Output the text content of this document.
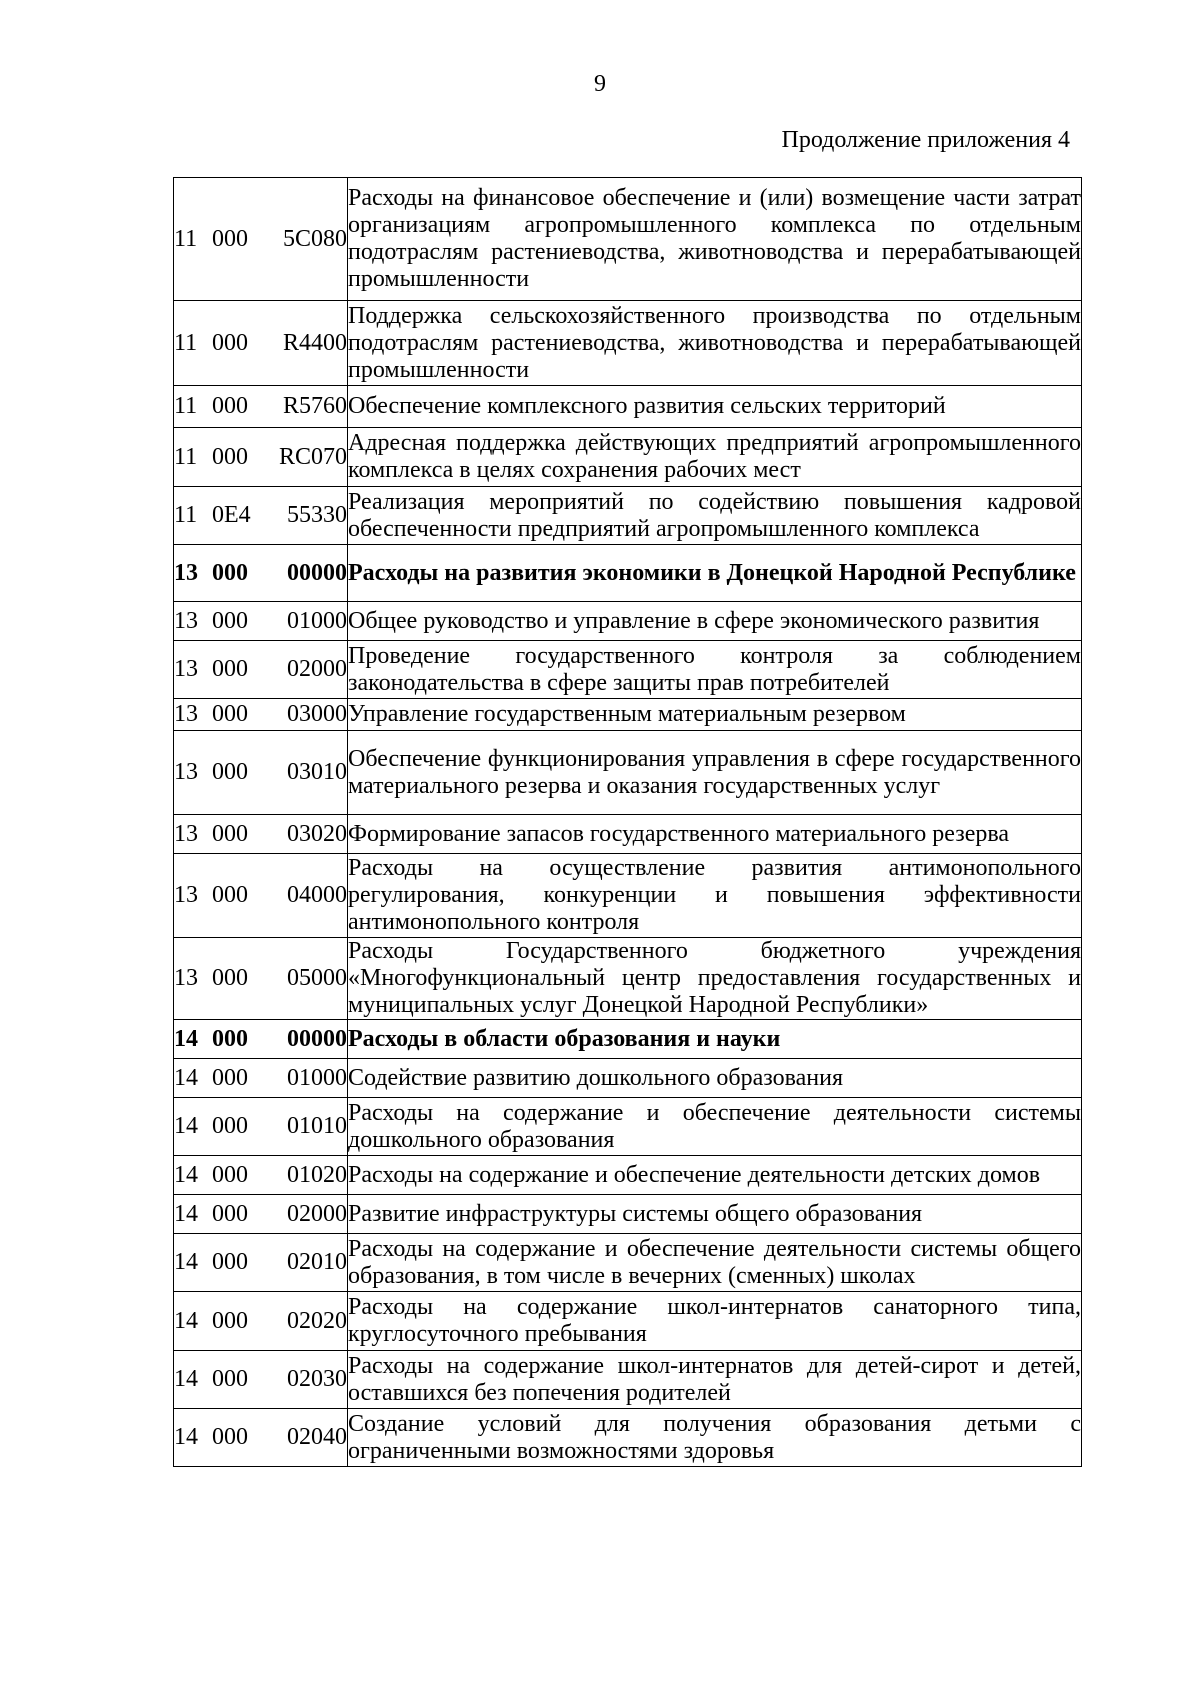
9
Продолжение приложения 4
11 000 5С080	Расходы на финансовое обеспечение и (или) возмещение части затрат организациям агропромышленного комплекса по отдельным подотраслям растениеводства, животноводства и перерабатывающей промышленности

11 000 R4400	Поддержка сельскохозяйственного производства по отдельным подотраслям растениеводства, животноводства и перерабатывающей промышленности

11 000 R5760	Обеспечение комплексного развития сельских территорий

11 000 RC070	Адресная поддержка действующих предприятий агропромышленного комплекса в целях сохранения рабочих мест

11 0E4 55330	Реализация мероприятий по содействию повышения кадровой обеспеченности предприятий агропромышленного комплекса

13 000 00000	Расходы на развития экономики в Донецкой Народной Республике

13 000 01000	Общее руководство и управление в сфере экономического развития

13 000 02000	Проведение государственного контроля за соблюдением законодательства в сфере защиты прав потребителей

13 000 03000	Управление государственным материальным резервом

13 000 03010	Обеспечение функционирования управления в сфере государственного материального резерва и оказания государственных услуг

13 000 03020	Формирование запасов государственного материального резерва

13 000 04000	Расходы на осуществление развития антимонопольного регулирования, конкуренции и повышения эффективности антимонопольного контроля

13 000 05000	Расходы Государственного бюджетного учреждения «Многофункциональный центр предоставления государственных и муниципальных услуг Донецкой Народной Республики»

14 000 00000	Расходы в области образования и науки

14 000 01000	Содействие развитию дошкольного образования

14 000 01010	Расходы на содержание и обеспечение деятельности системы дошкольного образования

14 000 01020	Расходы на содержание и обеспечение деятельности детских домов

14 000 02000	Развитие инфраструктуры системы общего образования

14 000 02010	Расходы на содержание и обеспечение деятельности системы общего образования, в том числе в вечерних (сменных) школах

14 000 02020	Расходы на содержание школ-интернатов санаторного типа, круглосуточного пребывания

14 000 02030	Расходы на содержание школ-интернатов для детей-сирот и детей, оставшихся без попечения родителей

14 000 02040	Создание условий для получения образования детьми с ограниченными возможностями здоровья
